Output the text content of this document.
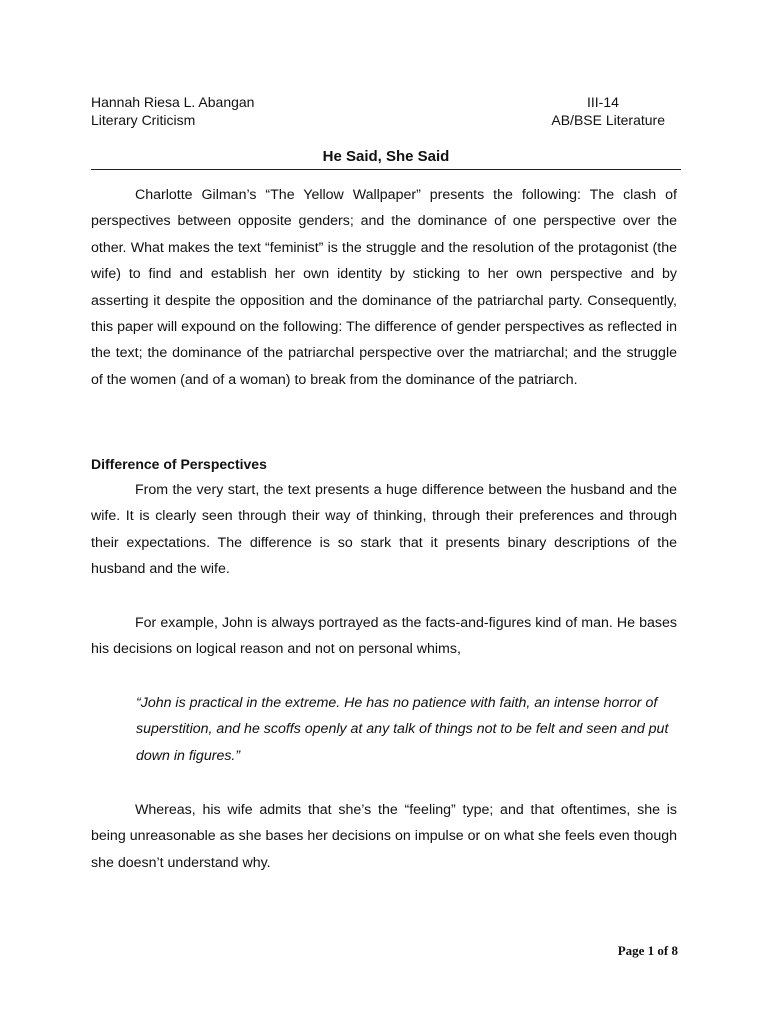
Hannah Riesa L. Abangan	III-14
Literary Criticism	AB/BSE Literature
He Said, She Said

Charlotte Gilman’s “The Yellow Wallpaper” presents the following: The clash of perspectives between opposite genders; and the dominance of one perspective over the other. What makes the text “feminist” is the struggle and the resolution of the protagonist (the wife) to find and establish her own identity by sticking to her own perspective and by asserting it despite the opposition and the dominance of the patriarchal party. Consequently, this paper will expound on the following: The difference of gender perspectives as reflected in the text; the dominance of the patriarchal perspective over the matriarchal; and the struggle of the women (and of a woman) to break from the dominance of the patriarch.

Difference of Perspectives

From the very start, the text presents a huge difference between the husband and the wife. It is clearly seen through their way of thinking, through their preferences and through their expectations. The difference is so stark that it presents binary descriptions of the husband and the wife.

For example, John is always portrayed as the facts-and-figures kind of man. He bases his decisions on logical reason and not on personal whims,

“John is practical in the extreme. He has no patience with faith, an intense horror of superstition, and he scoffs openly at any talk of things not to be felt and seen and put down in figures.”

Whereas, his wife admits that she’s the “feeling” type; and that oftentimes, she is being unreasonable as she bases her decisions on impulse or on what she feels even though she doesn’t understand why.

Page 1 of 8
